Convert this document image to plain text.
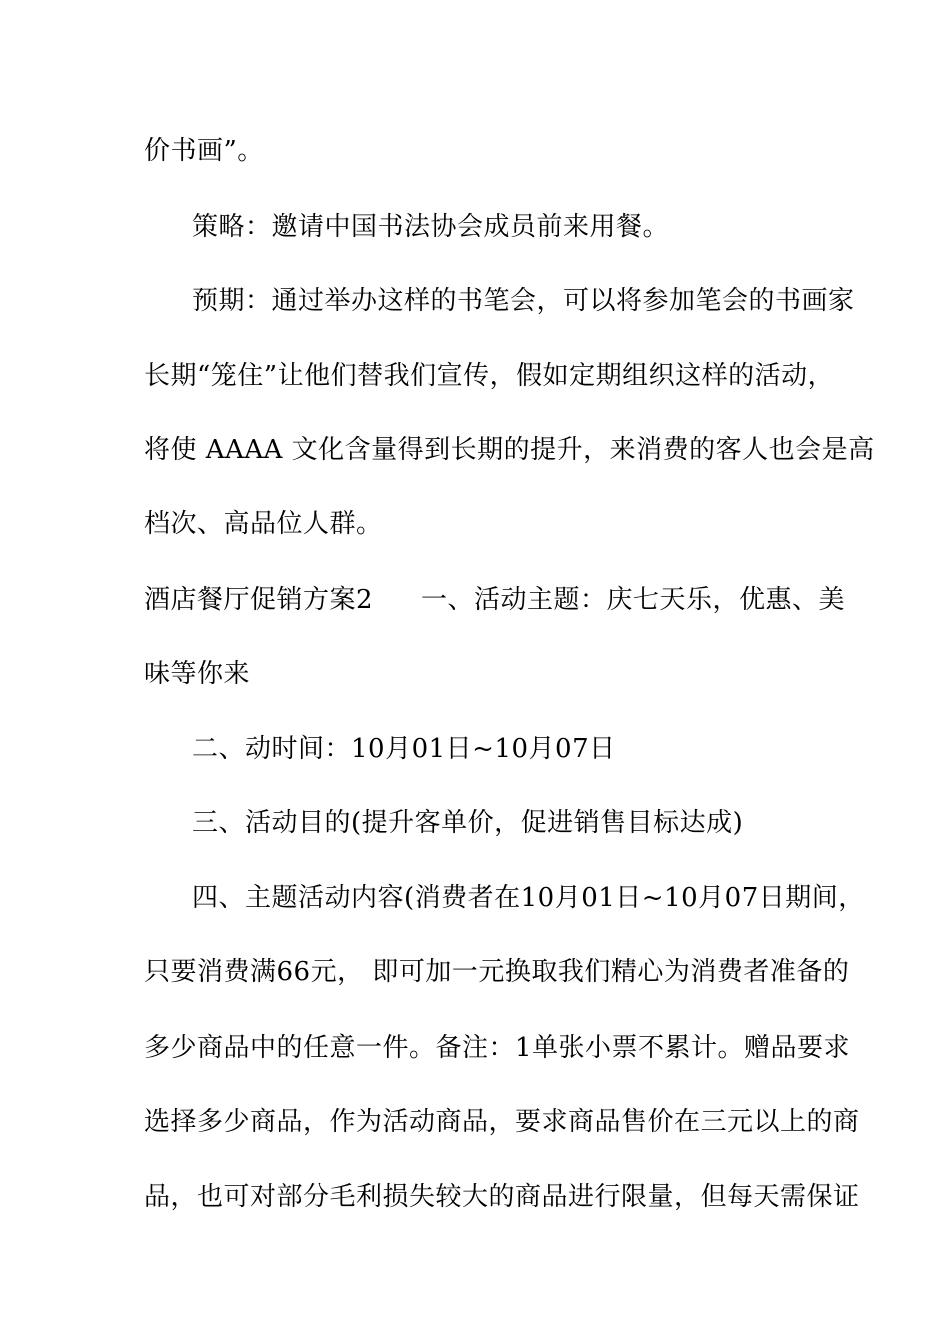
价书画”。
策略：邀请中国书法协会成员前来用餐。
预期：通过举办这样的书笔会，可以将参加笔会的书画家
长期“笼住”让他们替我们宣传，假如定期组织这样的活动，
将使 AAAA 文化含量得到长期的提升，来消费的客人也会是高
档次、高品位人群。
酒店餐厅促销方案2 一、活动主题：庆七天乐，优惠、美
味等你来
二、动时间：10月01日~10月07日
三、活动目的(提升客单价，促进销售目标达成)
四、主题活动内容(消费者在10月01日~10月07日期间，
只要消费满66元， 即可加一元换取我们精心为消费者准备的
多少商品中的任意一件。备注：1单张小票不累计。赠品要求
选择多少商品，作为活动商品，要求商品售价在三元以上的商
品，也可对部分毛利损失较大的商品进行限量，但每天需保证
